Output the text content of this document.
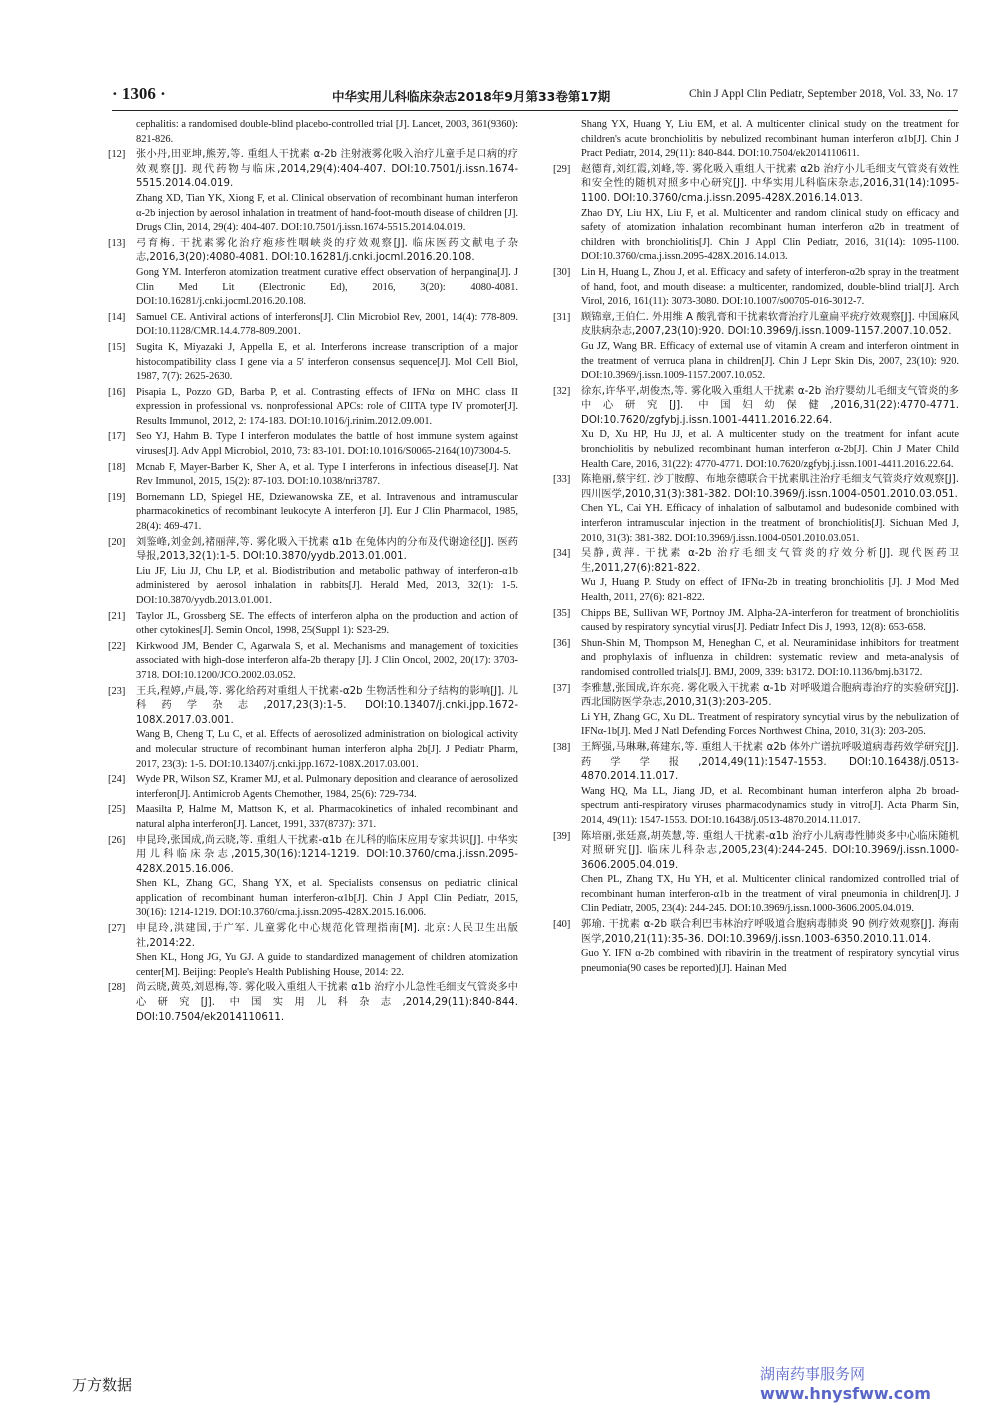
· 1306 ·	中华实用儿科临床杂志2018年9月第33卷第17期	Chin J Appl Clin Pediatr, September 2018, Vol. 33, No. 17

cephalitis: a randomised double-blind placebo-controlled trial [J]. Lancet, 2003, 361(9360): 821-826.

[12] 张小丹,田亚坤,熊芳,等. 重组人干扰素 α-2b 注射液雾化吸入治疗儿童手足口病的疗效观察[J]. 现代药物与临床,2014,29(4):404-407. DOI:10.7501/j.issn.1674-5515.2014.04.019.

Zhang XD, Tian YK, Xiong F, et al. Clinical observation of recombinant human interferon α-2b injection by aerosol inhalation in treatment of hand-foot-mouth disease of children [J]. Drugs Clin, 2014, 29(4): 404-407. DOI:10.7501/j.issn.1674-5515.2014.04.019.

[13] 弓育梅. 干扰素雾化治疗疱疹性咽峡炎的疗效观察[J]. 临床医药文献电子杂志,2016,3(20):4080-4081. DOI:10.16281/j.cnki.jocml.2016.20.108.

Gong YM. Interferon atomization treatment curative effect observation of herpangina[J]. J Clin Med Lit (Electronic Ed), 2016, 3(20): 4080-4081. DOI:10.16281/j.cnki.jocml.2016.20.108.

[14] Samuel CE. Antiviral actions of interferons[J]. Clin Microbiol Rev, 2001, 14(4): 778-809. DOI:10.1128/CMR.14.4.778-809.2001.

[15] Sugita K, Miyazaki J, Appella E, et al. Interferons increase transcription of a major histocompatibility class I gene via a 5' interferon consensus sequence[J]. Mol Cell Biol, 1987, 7(7): 2625-2630.

[16] Pisapia L, Pozzo GD, Barba P, et al. Contrasting effects of IFNα on MHC class II expression in professional vs. nonprofessional APCs: role of CIITA type IV promoter[J]. Results Immunol, 2012, 2: 174-183. DOI:10.1016/j.rinim.2012.09.001.

[17] Seo YJ, Hahm B. Type I interferon modulates the battle of host immune system against viruses[J]. Adv Appl Microbiol, 2010, 73: 83-101. DOI:10.1016/S0065-2164(10)73004-5.

[18] Mcnab F, Mayer-Barber K, Sher A, et al. Type I interferons in infectious disease[J]. Nat Rev Immunol, 2015, 15(2): 87-103. DOI:10.1038/nri3787.

[19] Bornemann LD, Spiegel HE, Dziewanowska ZE, et al. Intravenous and intramuscular pharmacokinetics of recombinant leukocyte A interferon [J]. Eur J Clin Pharmacol, 1985, 28(4): 469-471.

[20] 刘鉴峰,刘金剑,褚丽萍,等. 雾化吸入干扰素 α1b 在兔体内的分布及代谢途径[J]. 医药导报,2013,32(1):1-5. DOI:10.3870/yydb.2013.01.001.

Liu JF, Liu JJ, Chu LP, et al. Biodistribution and metabolic pathway of interferon-α1b administered by aerosol inhalation in rabbits[J]. Herald Med, 2013, 32(1): 1-5. DOI:10.3870/yydb.2013.01.001.

[21] Taylor JL, Grossberg SE. The effects of interferon alpha on the production and action of other cytokines[J]. Semin Oncol, 1998, 25(Suppl 1): S23-29.

[22] Kirkwood JM, Bender C, Agarwala S, et al. Mechanisms and management of toxicities associated with high-dose interferon alfa-2b therapy [J]. J Clin Oncol, 2002, 20(17): 3703-3718. DOI:10.1200/JCO.2002.03.052.

[23] 王兵,程婷,卢晨,等. 雾化给药对重组人干扰素-α2b 生物活性和分子结构的影响[J]. 儿科药学杂志,2017,23(3):1-5. DOI:10.13407/j.cnki.jpp.1672-108X.2017.03.001.

Wang B, Cheng T, Lu C, et al. Effects of aerosolized administration on biological activity and molecular structure of recombinant human interferon alpha 2b[J]. J Pediatr Pharm, 2017, 23(3): 1-5. DOI:10.13407/j.cnki.jpp.1672-108X.2017.03.001.

[24] Wyde PR, Wilson SZ, Kramer MJ, et al. Pulmonary deposition and clearance of aerosolized interferon[J]. Antimicrob Agents Chemother, 1984, 25(6): 729-734.

[25] Maasilta P, Halme M, Mattson K, et al. Pharmacokinetics of inhaled recombinant and natural alpha interferon[J]. Lancet, 1991, 337(8737): 371.

[26] 申昆玲,张国成,尚云晓,等. 重组人干扰素-α1b 在儿科的临床应用专家共识[J]. 中华实用儿科临床杂志,2015,30(16):1214-1219. DOI:10.3760/cma.j.issn.2095-428X.2015.16.006.

Shen KL, Zhang GC, Shang YX, et al. Specialists consensus on pediatric clinical application of recombinant human interferon-α1b[J]. Chin J Appl Clin Pediatr, 2015, 30(16): 1214-1219. DOI:10.3760/cma.j.issn.2095-428X.2015.16.006.

[27] 申昆玲,洪建国,于广军. 儿童雾化中心规范化管理指南[M]. 北京:人民卫生出版社,2014:22.

Shen KL, Hong JG, Yu GJ. A guide to standardized management of children atomization center[M]. Beijing: People's Health Publishing House, 2014: 22.

[28] 尚云晓,黄英,刘恩梅,等. 雾化吸入重组人干扰素 α1b 治疗小儿急性毛细支气管炎多中心研究[J]. 中国实用儿科杂志,2014,29(11):840-844. DOI:10.7504/ek2014110611.

Shang YX, Huang Y, Liu EM, et al. A multicenter clinical study on the treatment for children's acute bronchiolitis by nebulized recombinant human interferon α1b[J]. Chin J Pract Pediatr, 2014, 29(11): 840-844. DOI:10.7504/ek2014110611.

[29] 赵德育,刘红霞,刘峰,等. 雾化吸入重组人干扰素 α2b 治疗小儿毛细支气管炎有效性和安全性的随机对照多中心研究[J]. 中华实用儿科临床杂志,2016,31(14):1095-1100. DOI:10.3760/cma.j.issn.2095-428X.2016.14.013.

Zhao DY, Liu HX, Liu F, et al. Multicenter and random clinical study on efficacy and safety of atomization inhalation recombinant human interferon α2b in treatment of children with bronchiolitis[J]. Chin J Appl Clin Pediatr, 2016, 31(14): 1095-1100. DOI:10.3760/cma.j.issn.2095-428X.2016.14.013.

[30] Lin H, Huang L, Zhou J, et al. Efficacy and safety of interferon-α2b spray in the treatment of hand, foot, and mouth disease: a multicenter, randomized, double-blind trial[J]. Arch Virol, 2016, 161(11): 3073-3080. DOI:10.1007/s00705-016-3012-7.

[31] 顾锦章,王伯仁. 外用维 A 酸乳膏和干扰素软膏治疗儿童扁平疣疗效观察[J]. 中国麻风皮肤病杂志,2007,23(10):920. DOI:10.3969/j.issn.1009-1157.2007.10.052.

Gu JZ, Wang BR. Efficacy of external use of vitamin A cream and interferon ointment in the treatment of verruca plana in children[J]. Chin J Lepr Skin Dis, 2007, 23(10): 920. DOI:10.3969/j.issn.1009-1157.2007.10.052.

[32] 徐东,许华平,胡俊杰,等. 雾化吸入重组人干扰素 α-2b 治疗婴幼儿毛细支气管炎的多中心研究[J]. 中国妇幼保健,2016,31(22):4770-4771. DOI:10.7620/zgfybj.j.issn.1001-4411.2016.22.64.

Xu D, Xu HP, Hu JJ, et al. A multicenter study on the treatment for infant acute bronchiolitis by nebulized recombinant human interferon α-2b[J]. Chin J Mater Child Health Care, 2016, 31(22): 4770-4771. DOI:10.7620/zgfybj.j.issn.1001-4411.2016.22.64.

[33] 陈艳丽,蔡宇红. 沙丁胺醇、布地奈德联合干扰素肌注治疗毛细支气管炎疗效观察[J]. 四川医学,2010,31(3):381-382. DOI:10.3969/j.issn.1004-0501.2010.03.051.

Chen YL, Cai YH. Efficacy of inhalation of salbutamol and budesonide combined with interferon intramuscular injection in the treatment of bronchiolitis[J]. Sichuan Med J, 2010, 31(3): 381-382. DOI:10.3969/j.issn.1004-0501.2010.03.051.

[34] 吴静,黄萍. 干扰素 α-2b 治疗毛细支气管炎的疗效分析[J]. 现代医药卫生,2011,27(6):821-822.

Wu J, Huang P. Study on effect of IFNα-2b in treating bronchiolitis [J]. J Mod Med Health, 2011, 27(6): 821-822.

[35] Chipps BE, Sullivan WF, Portnoy JM. Alpha-2A-interferon for treatment of bronchiolitis caused by respiratory syncytial virus[J]. Pediatr Infect Dis J, 1993, 12(8): 653-658.

[36] Shun-Shin M, Thompson M, Heneghan C, et al. Neuraminidase inhibitors for treatment and prophylaxis of influenza in children: systematic review and meta-analysis of randomised controlled trials[J]. BMJ, 2009, 339: b3172. DOI:10.1136/bmj.b3172.

[37] 李雅慧,张国成,许东亮. 雾化吸入干扰素 α-1b 对呼吸道合胞病毒治疗的实验研究[J]. 西北国防医学杂志,2010,31(3):203-205.

Li YH, Zhang GC, Xu DL. Treatment of respiratory syncytial virus by the nebulization of IFNα-1b[J]. Med J Natl Defending Forces Northwest China, 2010, 31(3): 203-205.

[38] 王辉强,马琳琳,蒋建东,等. 重组人干扰素 α2b 体外广谱抗呼吸道病毒药效学研究[J]. 药学学报,2014,49(11):1547-1553. DOI:10.16438/j.0513-4870.2014.11.017.

Wang HQ, Ma LL, Jiang JD, et al. Recombinant human interferon alpha 2b broad-spectrum anti-respiratory viruses pharmacodynamics study in vitro[J]. Acta Pharm Sin, 2014, 49(11): 1547-1553. DOI:10.16438/j.0513-4870.2014.11.017.

[39] 陈培丽,张廷熹,胡英慧,等. 重组人干扰素-α1b 治疗小儿病毒性肺炎多中心临床随机对照研究[J]. 临床儿科杂志,2005,23(4):244-245. DOI:10.3969/j.issn.1000-3606.2005.04.019.

Chen PL, Zhang TX, Hu YH, et al. Multicenter clinical randomized controlled trial of recombinant human interferon-α1b in the treatment of viral pneumonia in children[J]. J Clin Pediatr, 2005, 23(4): 244-245. DOI:10.3969/j.issn.1000-3606.2005.04.019.

[40] 郭瑜. 干扰素 α-2b 联合利巴韦林治疗呼吸道合胞病毒肺炎 90 例疗效观察[J]. 海南医学,2010,21(11):35-36. DOI:10.3969/j.issn.1003-6350.2010.11.014.

Guo Y. IFN α-2b combined with ribavirin in the treatment of respiratory syncytial virus pneumonia(90 cases be reported)[J]. Hainan Med

万方数据
湖南药事服务网
www.hnysfww.com
